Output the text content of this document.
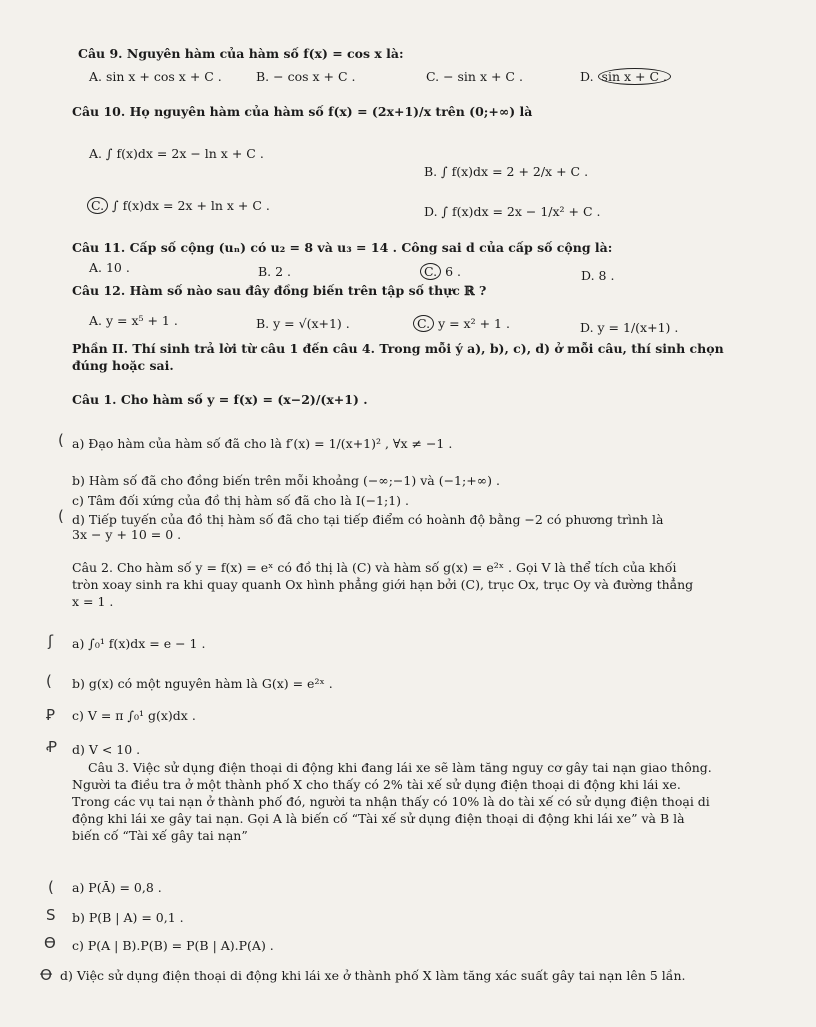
Câu 9. Nguyên hàm của hàm số f(x) = cos x là:
A. sin x + cos x + C .	B. − cos x + C .	C. − sin x + C .	D. sin x + C .
Câu 10. Họ nguyên hàm của hàm số f(x) = (2x+1)/x trên (0;+∞) là
A. ∫ f(x)dx = 2x − ln x + C .
B. ∫ f(x)dx = 2 + 2/x + C .
C. ∫ f(x)dx = 2x + ln x + C .	D. ∫ f(x)dx = 2x − 1/x² + C .
Câu 11. Cấp số cộng (uₙ) có u₂ = 8 và u₃ = 14 . Công sai d của cấp số cộng là:
A. 10 .	B. 2 .	C. 6 .	D. 8 .
Câu 12. Hàm số nào sau đây đồng biến trên tập số thực ℝ ?
A. y = x⁵ + 1 .	B. y = √(x+1) .	C. y = x² + 1 .	D. y = 1/(x+1) .
Phần II. Thí sinh trả lời từ câu 1 đến câu 4. Trong mỗi ý a), b), c), d) ở mỗi câu, thí sinh chọn
đúng hoặc sai.
Câu 1. Cho hàm số y = f(x) = (x−2)/(x+1) .
( a) Đạo hàm của hàm số đã cho là f′(x) = 1/(x+1)² , ∀x ≠ −1 .
b) Hàm số đã cho đồng biến trên mỗi khoảng (−∞;−1) và (−1;+∞) .
c) Tâm đối xứng của đồ thị hàm số đã cho là I(−1;1) .
( d) Tiếp tuyến của đồ thị hàm số đã cho tại tiếp điểm có hoành độ bằng −2 có phương trình là
3x − y + 10 = 0 .
Câu 2. Cho hàm số y = f(x) = eˣ có đồ thị là (C) và hàm số g(x) = e²ˣ . Gọi V là thể tích của khối
tròn xoay sinh ra khi quay quanh Ox hình phẳng giới hạn bởi (C), trục Ox, trục Oy và đường thẳng
x = 1 .
ʃ a) ∫₀¹ f(x)dx = e − 1 .
( b) g(x) có một nguyên hàm là G(x) = e²ˣ .
Ꝑ c) V = π ∫₀¹ g(x)dx .
Ꝓ d) V < 10 .
Câu 3. Việc sử dụng điện thoại di động khi đang lái xe sẽ làm tăng nguy cơ gây tai nạn giao thông.
Người ta điều tra ở một thành phố X cho thấy có 2% tài xế sử dụng điện thoại di động khi lái xe.
Trong các vụ tai nạn ở thành phố đó, người ta nhận thấy có 10% là do tài xế có sử dụng điện thoại di
động khi lái xe gây tai nạn. Gọi A là biến cố “Tài xế sử dụng điện thoại di động khi lái xe” và B là
biến cố “Tài xế gây tai nạn”
( a) P(Ā) = 0,8 .
S b) P(B | A) = 0,1 .
Ɵ c) P(A | B).P(B) = P(B | A).P(A) .
Ꝋ d) Việc sử dụng điện thoại di động khi lái xe ở thành phố X làm tăng xác suất gây tai nạn lên 5 lần.
